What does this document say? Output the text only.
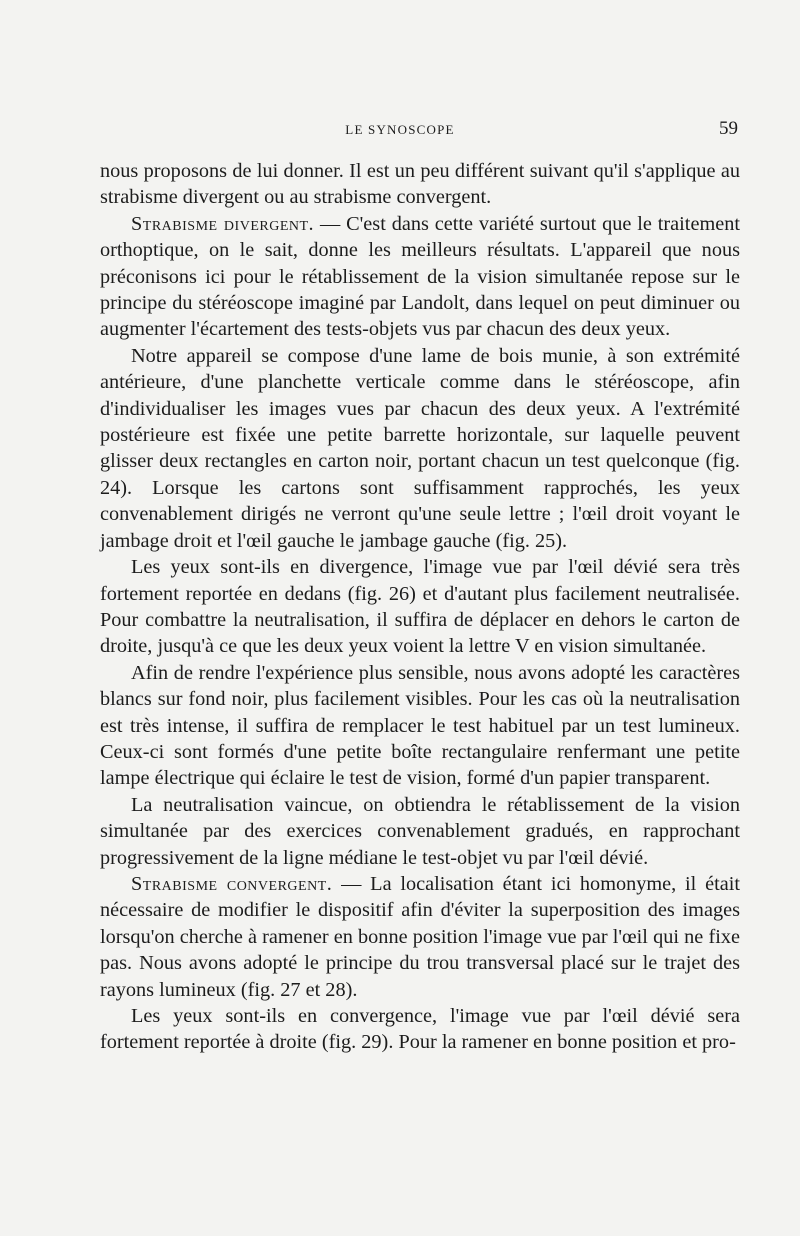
LE SYNOSCOPE	59

nous proposons de lui donner. Il est un peu différent suivant qu'il s'applique au strabisme divergent ou au strabisme convergent.

Strabisme divergent. — C'est dans cette variété surtout que le traitement orthoptique, on le sait, donne les meilleurs résultats. L'appareil que nous préconisons ici pour le rétablissement de la vision simultanée repose sur le principe du stéréoscope imaginé par Landolt, dans lequel on peut diminuer ou augmenter l'écartement des tests-objets vus par chacun des deux yeux.

Notre appareil se compose d'une lame de bois munie, à son extrémité antérieure, d'une planchette verticale comme dans le stéréoscope, afin d'individualiser les images vues par chacun des deux yeux. A l'extrémité postérieure est fixée une petite barrette horizontale, sur laquelle peuvent glisser deux rectangles en carton noir, portant chacun un test quelconque (fig. 24). Lorsque les cartons sont suffisamment rapprochés, les yeux convenablement dirigés ne verront qu'une seule lettre ; l'œil droit voyant le jambage droit et l'œil gauche le jambage gauche (fig. 25).

Les yeux sont-ils en divergence, l'image vue par l'œil dévié sera très fortement reportée en dedans (fig. 26) et d'autant plus facilement neutralisée. Pour combattre la neutralisation, il suffira de déplacer en dehors le carton de droite, jusqu'à ce que les deux yeux voient la lettre V en vision simultanée.

Afin de rendre l'expérience plus sensible, nous avons adopté les caractères blancs sur fond noir, plus facilement visibles. Pour les cas où la neutralisation est très intense, il suffira de remplacer le test habituel par un test lumineux. Ceux-ci sont formés d'une petite boîte rectangulaire renfermant une petite lampe électrique qui éclaire le test de vision, formé d'un papier transparent.

La neutralisation vaincue, on obtiendra le rétablissement de la vision simultanée par des exercices convenablement gradués, en rapprochant progressivement de la ligne médiane le test-objet vu par l'œil dévié.

Strabisme convergent. — La localisation étant ici homonyme, il était nécessaire de modifier le dispositif afin d'éviter la superposition des images lorsqu'on cherche à ramener en bonne position l'image vue par l'œil qui ne fixe pas. Nous avons adopté le principe du trou transversal placé sur le trajet des rayons lumineux (fig. 27 et 28).

Les yeux sont-ils en convergence, l'image vue par l'œil dévié sera fortement reportée à droite (fig. 29). Pour la ramener en bonne position et pro-
